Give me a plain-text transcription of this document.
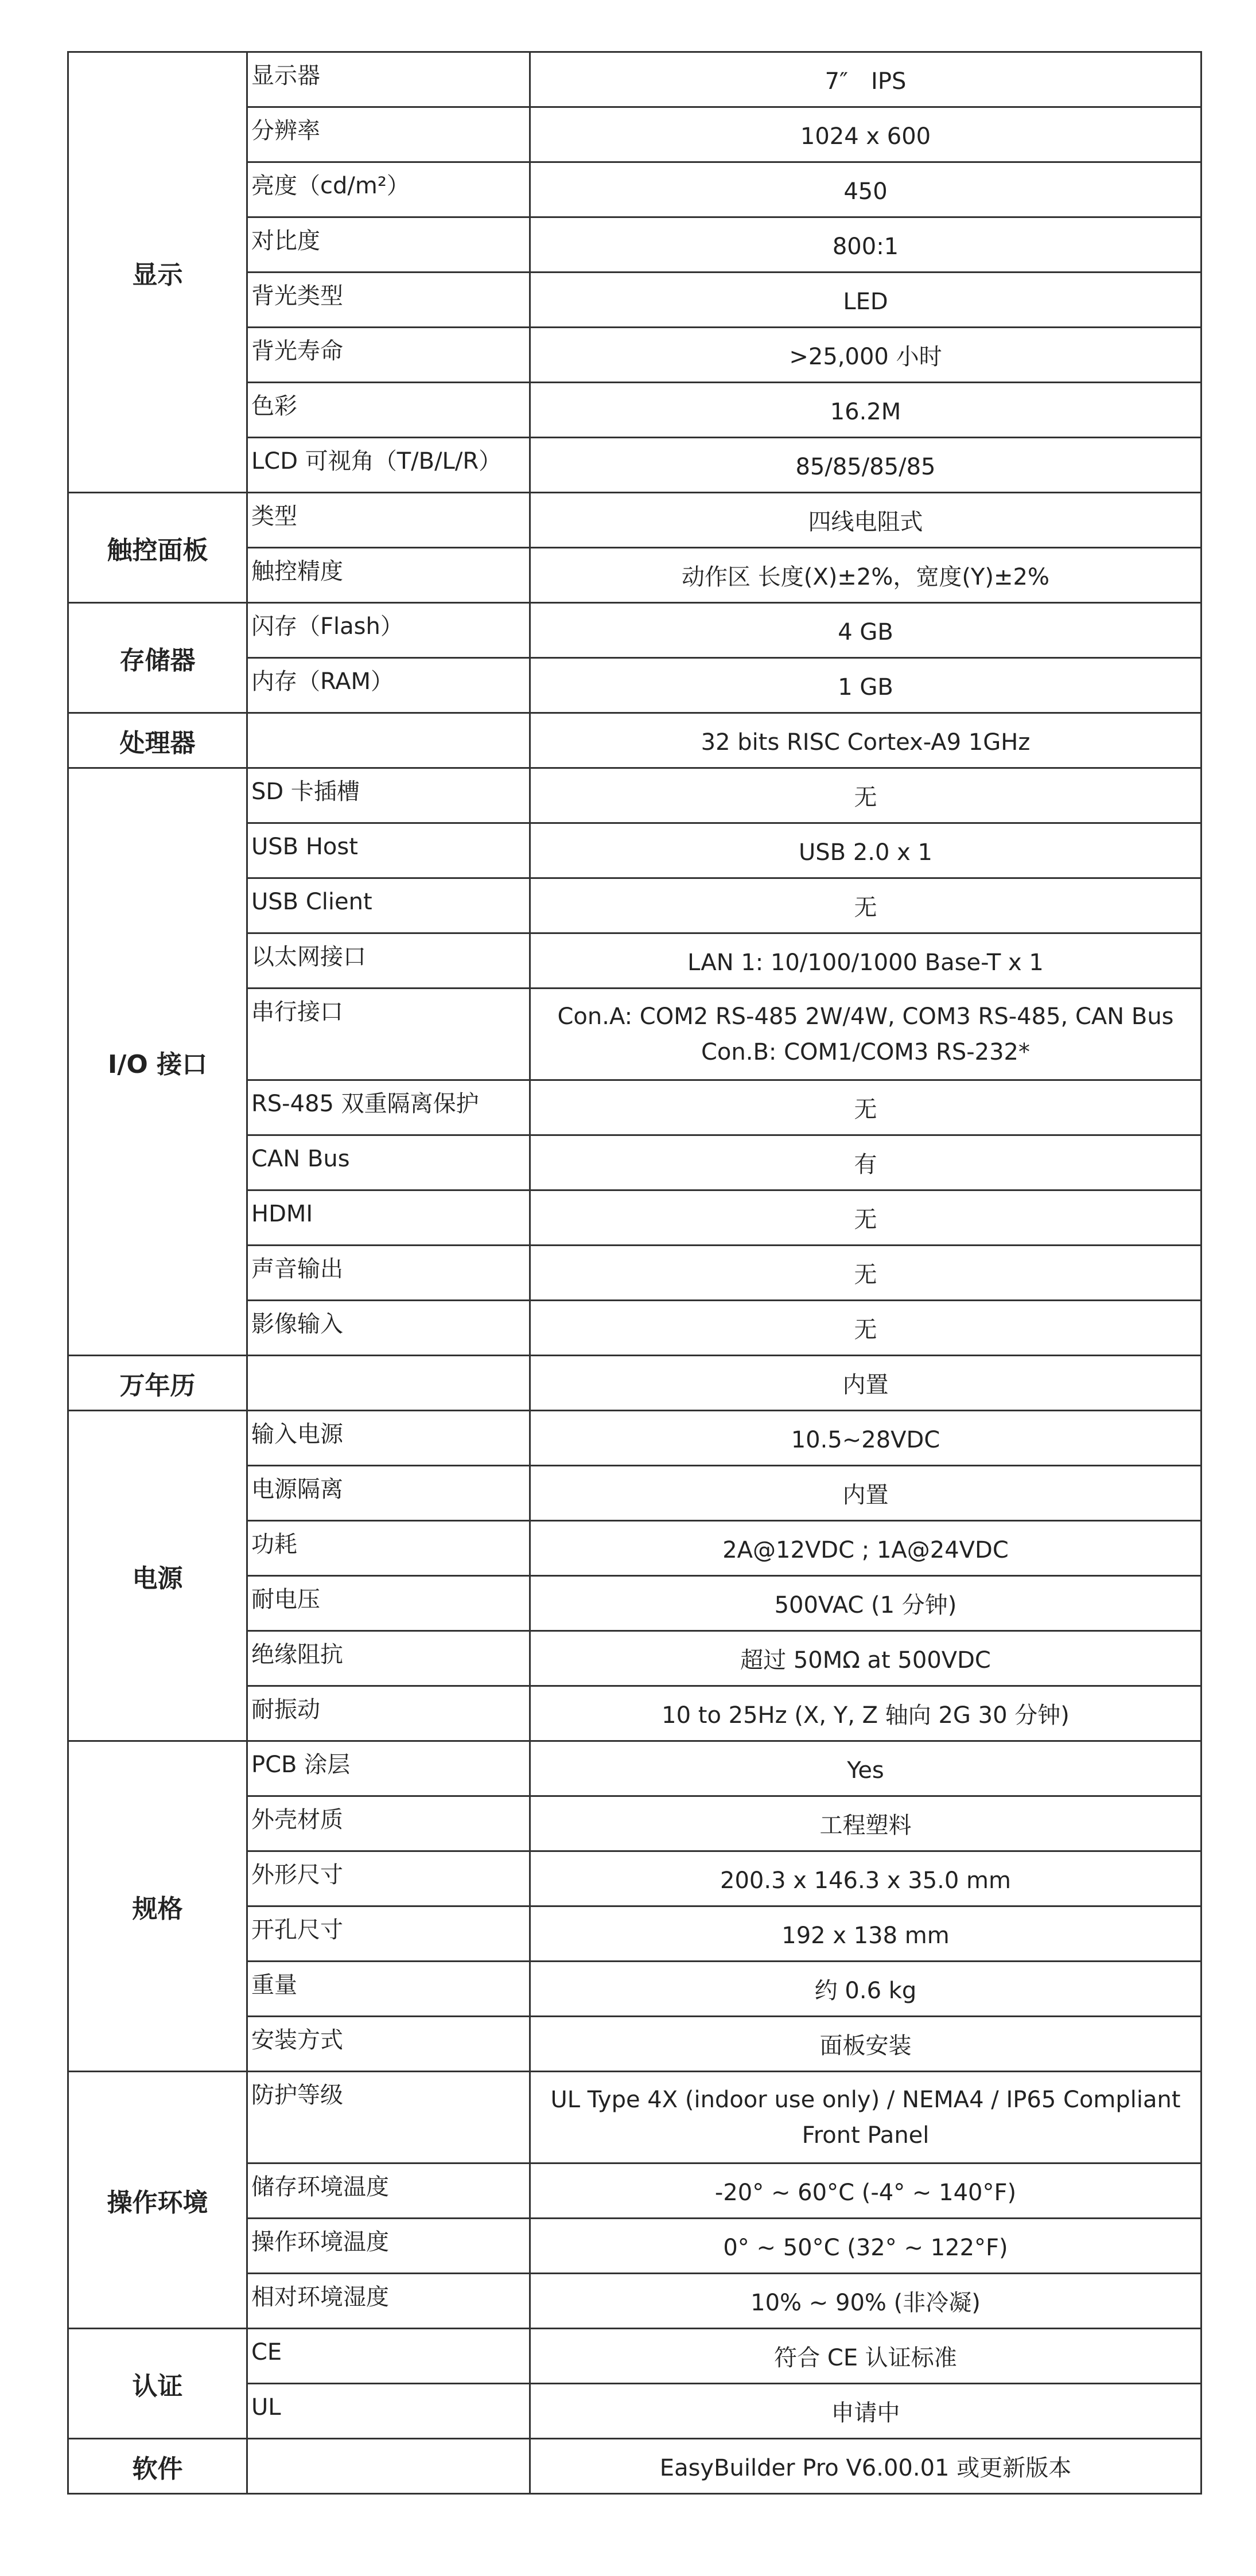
显示	显示器	7″　IPS

	分辨率	1024 x 600

	亮度（cd/m²）	450

	对比度	800:1

	背光类型	LED

	背光寿命	>25,000 小时

	色彩	16.2M

	LCD 可视角（T/B/L/R）	85/85/85/85

触控面板	类型	四线电阻式

	触控精度	动作区 长度(X)±2%，宽度(Y)±2%

存储器	闪存（Flash）	4 GB

	内存（RAM）	1 GB

处理器		32 bits RISC Cortex-A9 1GHz

I/O 接口	SD 卡插槽	无

	USB Host	USB 2.0 x 1

	USB Client	无

	以太网接口	LAN 1: 10/100/1000 Base-T x 1

	串行接口	Con.A: COM2 RS-485 2W/4W, COM3 RS-485, CAN Bus
Con.B: COM1/COM3 RS-232*

	RS-485 双重隔离保护	无

	CAN Bus	有

	HDMI	无

	声音输出	无

	影像输入	无

万年历		内置

电源	输入电源	10.5~28VDC

	电源隔离	内置

	功耗	2A@12VDC ; 1A@24VDC

	耐电压	500VAC (1 分钟)

	绝缘阻抗	超过 50MΩ at 500VDC

	耐振动	10 to 25Hz (X, Y, Z 轴向 2G 30 分钟)

规格	PCB 涂层	Yes

	外壳材质	工程塑料

	外形尺寸	200.3 x 146.3 x 35.0 mm

	开孔尺寸	192 x 138 mm

	重量	约 0.6 kg

	安装方式	面板安装

操作环境	防护等级	UL Type 4X (indoor use only) / NEMA4 / IP65 Compliant
Front Panel

	储存环境温度	-20° ~ 60°C (-4° ~ 140°F)

	操作环境温度	0° ~ 50°C (32° ~ 122°F)

	相对环境湿度	10% ~ 90% (非冷凝)

认证	CE	符合 CE 认证标准

	UL	申请中

软件		EasyBuilder Pro V6.00.01 或更新版本
